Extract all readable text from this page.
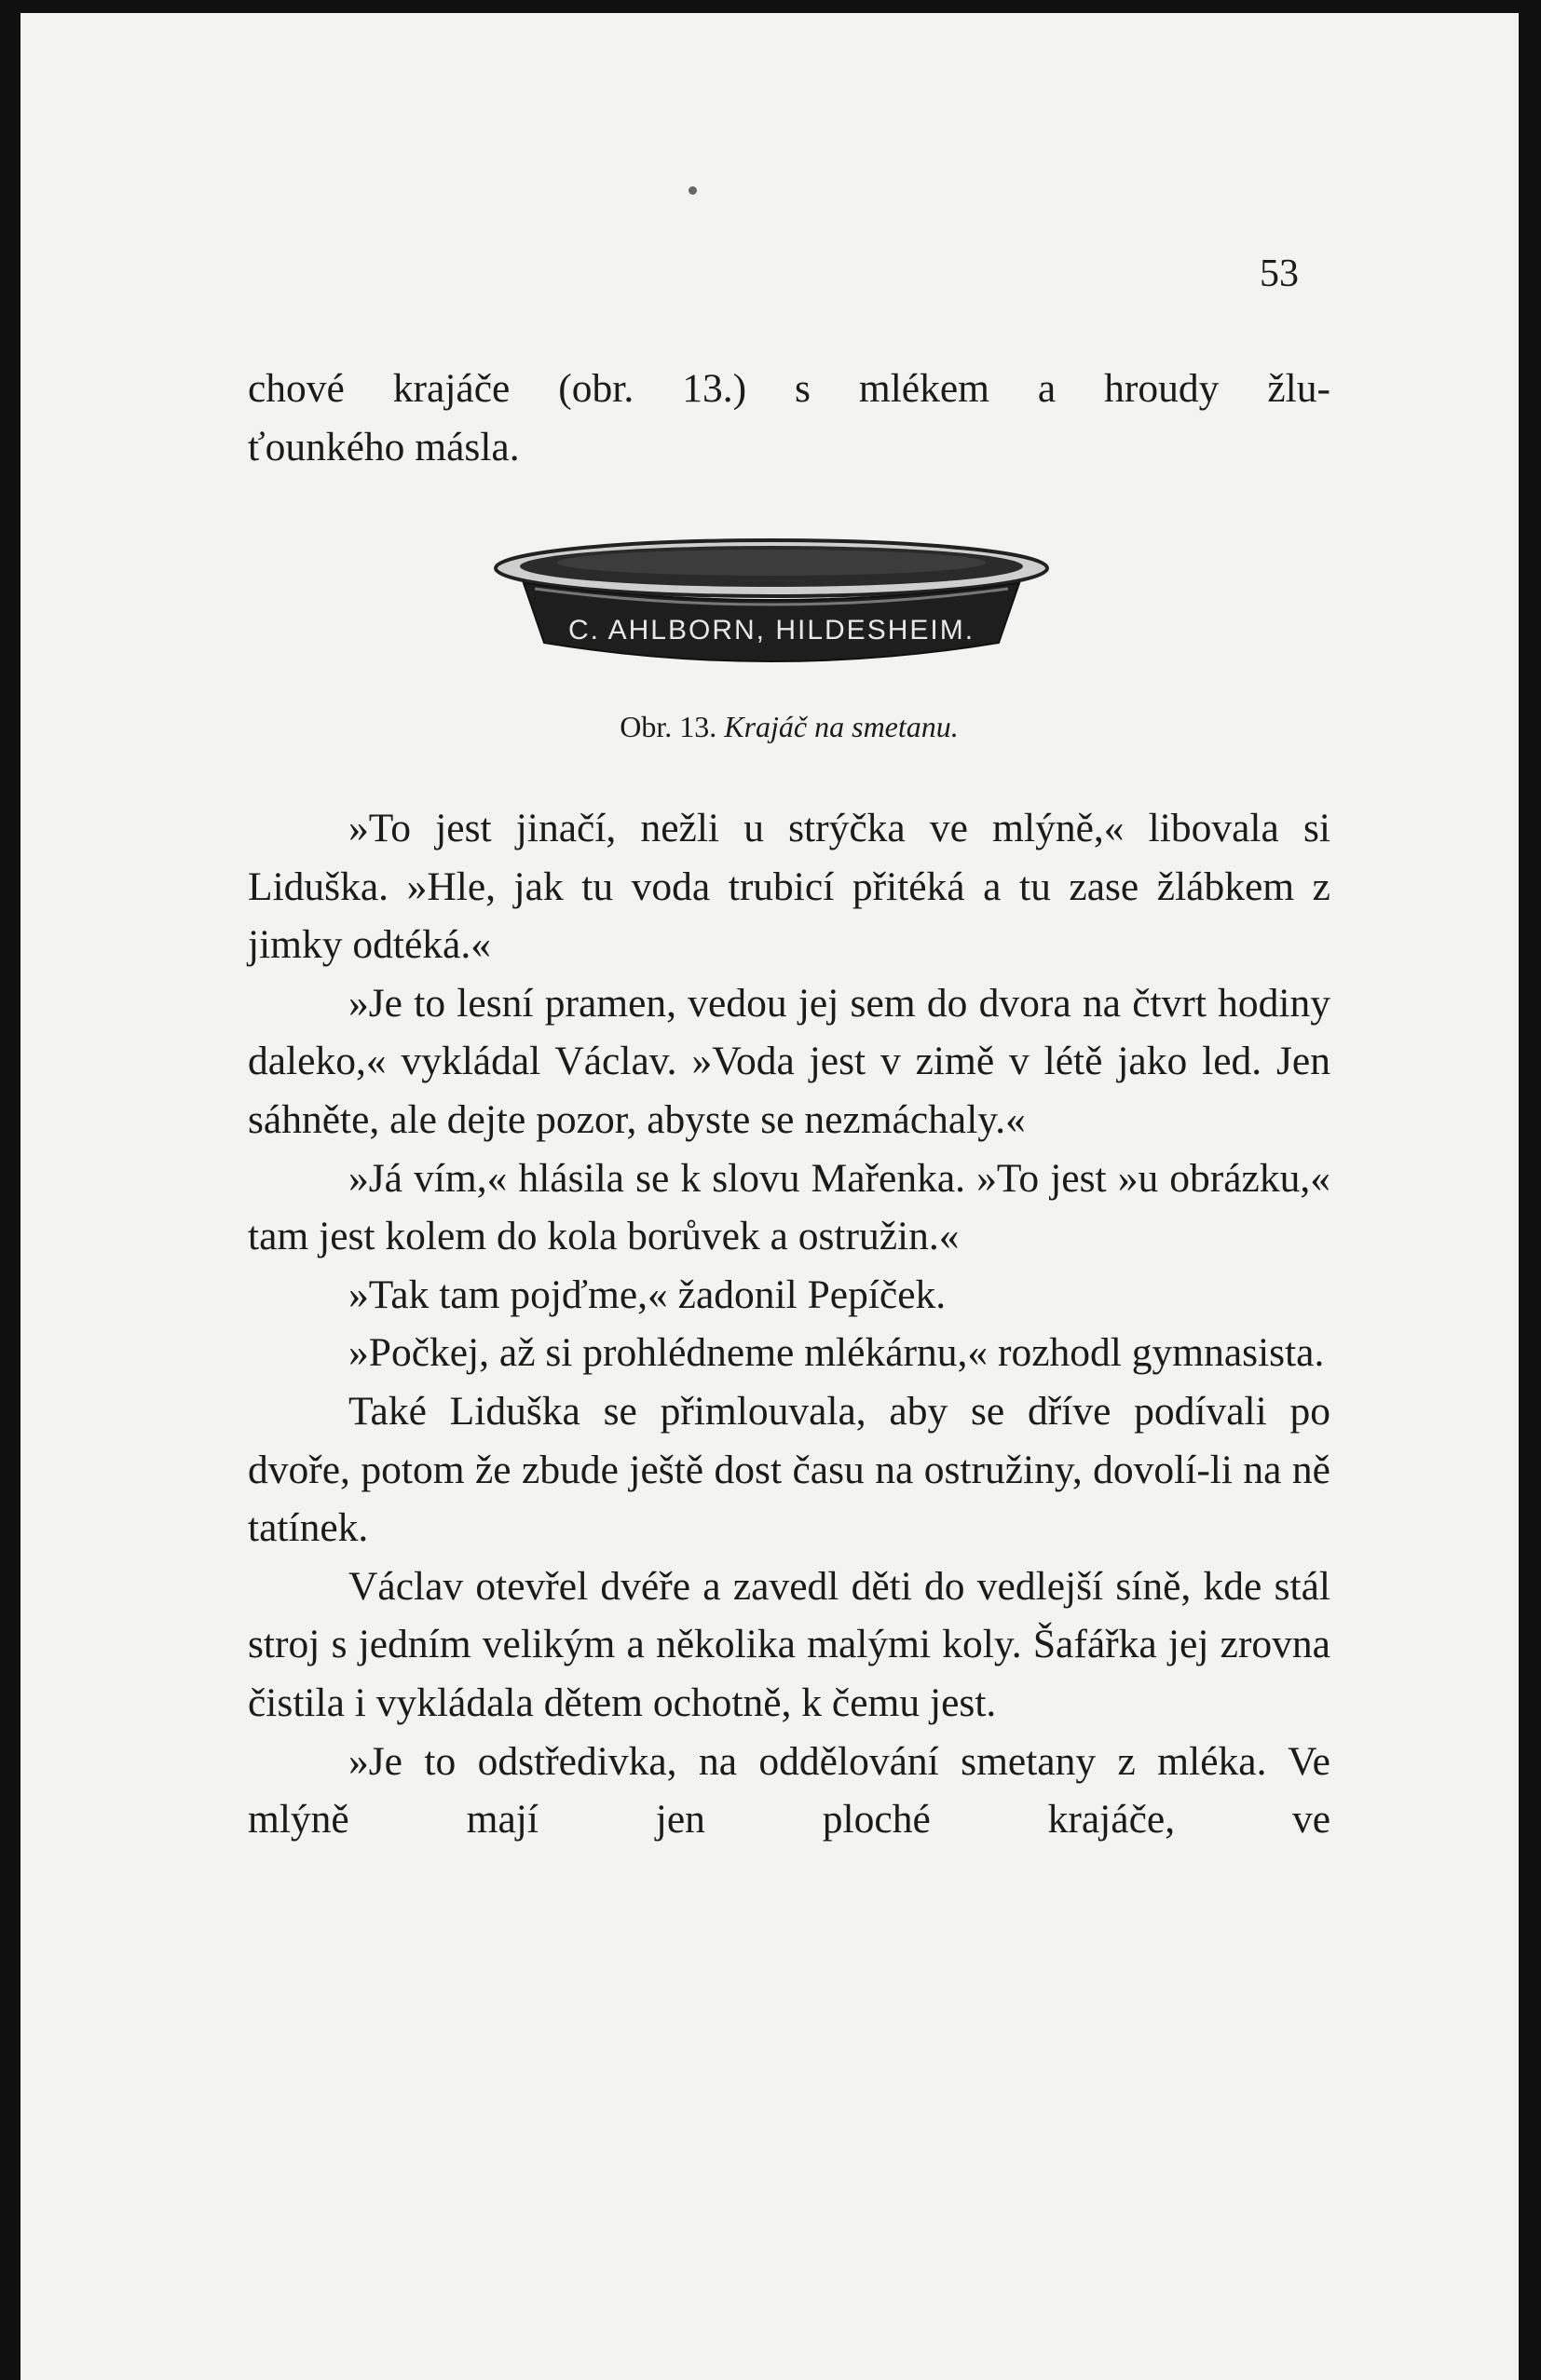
53

chové krajáče (obr. 13.) s mlékem a hroudy žlu-

ťounkého másla.

C. AHLBORN, HILDESHEIM.
Obr. 13. Krajáč na smetanu.

»To jest jinačí, nežli u strýčka ve mlýně,« libovala si Liduška. »Hle, jak tu voda trubicí přitéká a tu zase žlábkem z jimky odtéká.«

»Je to lesní pramen, vedou jej sem do dvora na čtvrt hodiny daleko,« vykládal Václav. »Voda jest v zimě v létě jako led. Jen sáhněte, ale dejte pozor, abyste se nezmáchaly.«

»Já vím,« hlásila se k slovu Mařenka. »To jest »u obrázku,« tam jest kolem do kola borůvek a ostružin.«

»Tak tam pojďme,« žadonil Pepíček.

»Počkej, až si prohlédneme mlékárnu,« rozhodl gymnasista.

Také Liduška se přimlouvala, aby se dříve podívali po dvoře, potom že zbude ještě dost času na ostružiny, dovolí-li na ně tatínek.

Václav otevřel dvéře a zavedl děti do vedlejší síně, kde stál stroj s jedním velikým a několika malými koly. Šafářka jej zrovna čistila i vykládala dětem ochotně, k čemu jest.

»Je to odstředivka, na oddělování smetany z mléka. Ve mlýně mají jen ploché krajáče, ve
